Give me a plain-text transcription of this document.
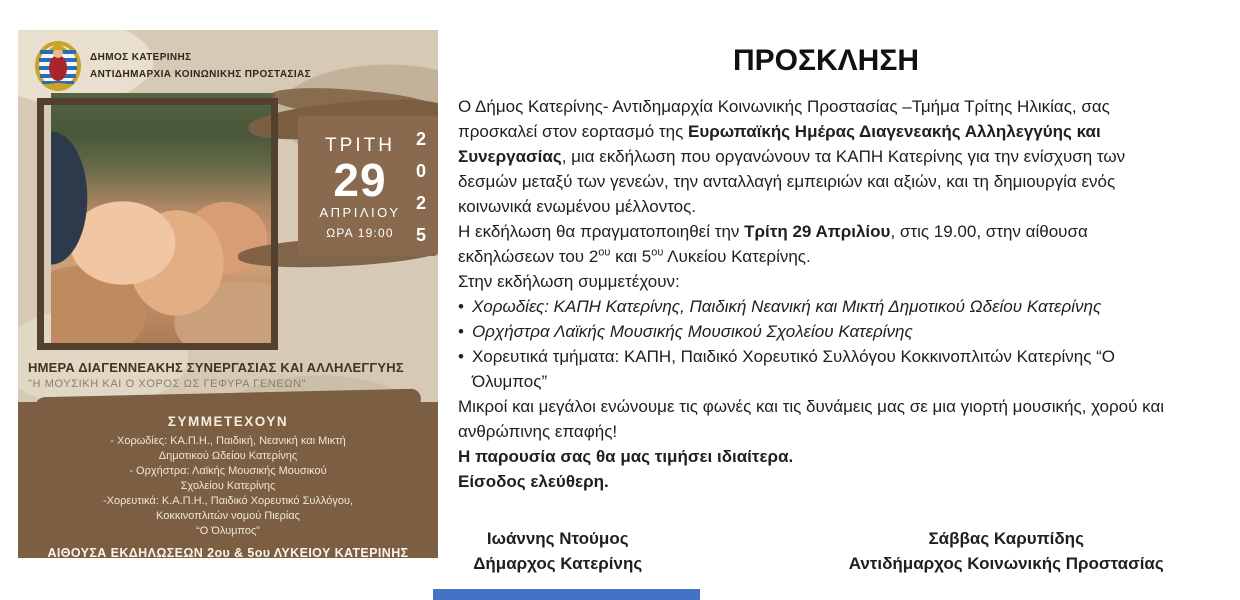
ΔΗΜΟΣ ΚΑΤΕΡΙΝΗΣ
ΑΝΤΙΔΗΜΑΡΧΙΑ ΚΟΙΝΩΝΙΚΗΣ ΠΡΟΣΤΑΣΙΑΣ
ΤΡΙΤΗ
29
ΑΠΡΙΛΙΟΥ
ΩΡΑ 19:00
2
0
2
5
ΗΜΕΡΑ ΔΙΑΓΕΝΝΕΑΚΗΣ ΣΥΝΕΡΓΑΣΙΑΣ ΚΑΙ ΑΛΛΗΛΕΓΓΥΗΣ
"Η ΜΟΥΣΙΚΗ ΚΑΙ Ο ΧΟΡΟΣ ΩΣ ΓΕΦΥΡΑ ΓΕΝΕΩΝ"
ΣΥΜΜΕΤΕΧΟΥΝ
- Χορωδίες: ΚΑ.Π.Η., Παιδική, Νεανική και Μικτή
Δημοτικού Ωδείου Κατερίνης
- Ορχήστρα: Λαϊκής Μουσικής Μουσικού
Σχολείου Κατερίνης
-Χορευτικά: Κ.Α.Π.Η., Παιδικό Χορευτικό Συλλόγου,
Κοκκινοπλιτών νομού Πιερίας
“Ο Όλυμπος”
ΑΙΘΟΥΣΑ ΕΚΔΗΛΩΣΕΩΝ 2ου & 5ου ΛΥΚΕΙΟΥ ΚΑΤΕΡΙΝΗΣ
ΠΡΟΣΚΛΗΣΗ

Ο Δήμος Κατερίνης- Αντιδημαρχία Κοινωνικής Προστασίας –Τμήμα Τρίτης Ηλικίας, σας προσκαλεί στον εορτασμό της Ευρωπαϊκής Ημέρας Διαγενεακής Αλληλεγγύης και Συνεργασίας, μια εκδήλωση που οργανώνουν τα ΚΑΠΗ Κατερίνης για την ενίσχυση των δεσμών μεταξύ των γενεών, την ανταλλαγή εμπειριών και αξιών, και τη δημιουργία ενός κοινωνικά ενωμένου μέλλοντος.

Η εκδήλωση θα πραγματοποιηθεί την Τρίτη 29 Απριλίου, στις 19.00, στην αίθουσα εκδηλώσεων του $2^{o\upsilon}$ και $5^{o\upsilon}$ Λυκείου Κατερίνης.

Στην εκδήλωση συμμετέχουν:

• Χορωδίες: ΚΑΠΗ Κατερίνης, Παιδική Νεανική και Μικτή Δημοτικού Ωδείου Κατερίνης
• Ορχήστρα Λαϊκής Μουσικής Μουσικού Σχολείου Κατερίνης
• Χορευτικά τμήματα: ΚΑΠΗ, Παιδικό Χορευτικό Συλλόγου Κοκκινοπλιτών Κατερίνης “Ο Όλυμπος”

Μικροί και μεγάλοι ενώνουμε τις φωνές και τις δυνάμεις μας σε μια γιορτή μουσικής, χορού και ανθρώπινης επαφής!

Η παρουσία σας θα μας τιμήσει ιδιαίτερα.

Είσοδος ελεύθερη.

Ιωάννης Ντούμος
Δήμαρχος Κατερίνης
Σάββας Καρυπίδης
Αντιδήμαρχος Κοινωνικής Προστασίας
